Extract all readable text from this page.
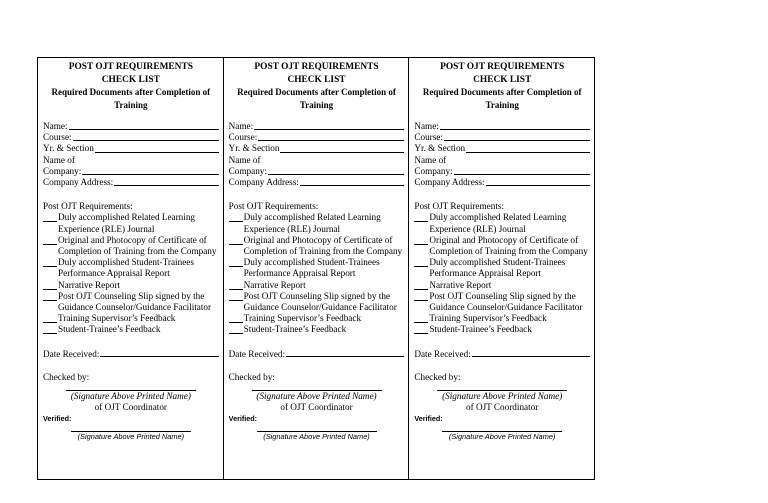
POST OJT REQUIREMENTS
CHECK LIST
Required Documents after Completion of Training
Name:
Course:
Yr. & Section
Name of
Company:
Company Address:
Post OJT Requirements:
Duly accomplished Related Learning Experience (RLE) Journal
Original and Photocopy of Certificate of Completion of Training from the Company
Duly accomplished Student-Trainees Performance Appraisal Report
Narrative Report
Post OJT Counseling Slip signed by the Guidance Counselor/Guidance Facilitator
Training Supervisor’s Feedback
Student-Trainee’s Feedback
Date Received:
Checked by:
(Signature Above Printed Name)
of OJT Coordinator
Verified:
(Signature Above Printed Name)
POST OJT REQUIREMENTS
CHECK LIST
Required Documents after Completion of Training
Name:
Course:
Yr. & Section
Name of
Company:
Company Address:
Post OJT Requirements:
Duly accomplished Related Learning Experience (RLE) Journal
Original and Photocopy of Certificate of Completion of Training from the Company
Duly accomplished Student-Trainees Performance Appraisal Report
Narrative Report
Post OJT Counseling Slip signed by the Guidance Counselor/Guidance Facilitator
Training Supervisor’s Feedback
Student-Trainee’s Feedback
Date Received:
Checked by:
(Signature Above Printed Name)
of OJT Coordinator
Verified:
(Signature Above Printed Name)
POST OJT REQUIREMENTS
CHECK LIST
Required Documents after Completion of Training
Name:
Course:
Yr. & Section
Name of
Company:
Company Address:
Post OJT Requirements:
Duly accomplished Related Learning Experience (RLE) Journal
Original and Photocopy of Certificate of Completion of Training from the Company
Duly accomplished Student-Trainees Performance Appraisal Report
Narrative Report
Post OJT Counseling Slip signed by the Guidance Counselor/Guidance Facilitator
Training Supervisor’s Feedback
Student-Trainee’s Feedback
Date Received:
Checked by:
(Signature Above Printed Name)
of OJT Coordinator
Verified:
(Signature Above Printed Name)
